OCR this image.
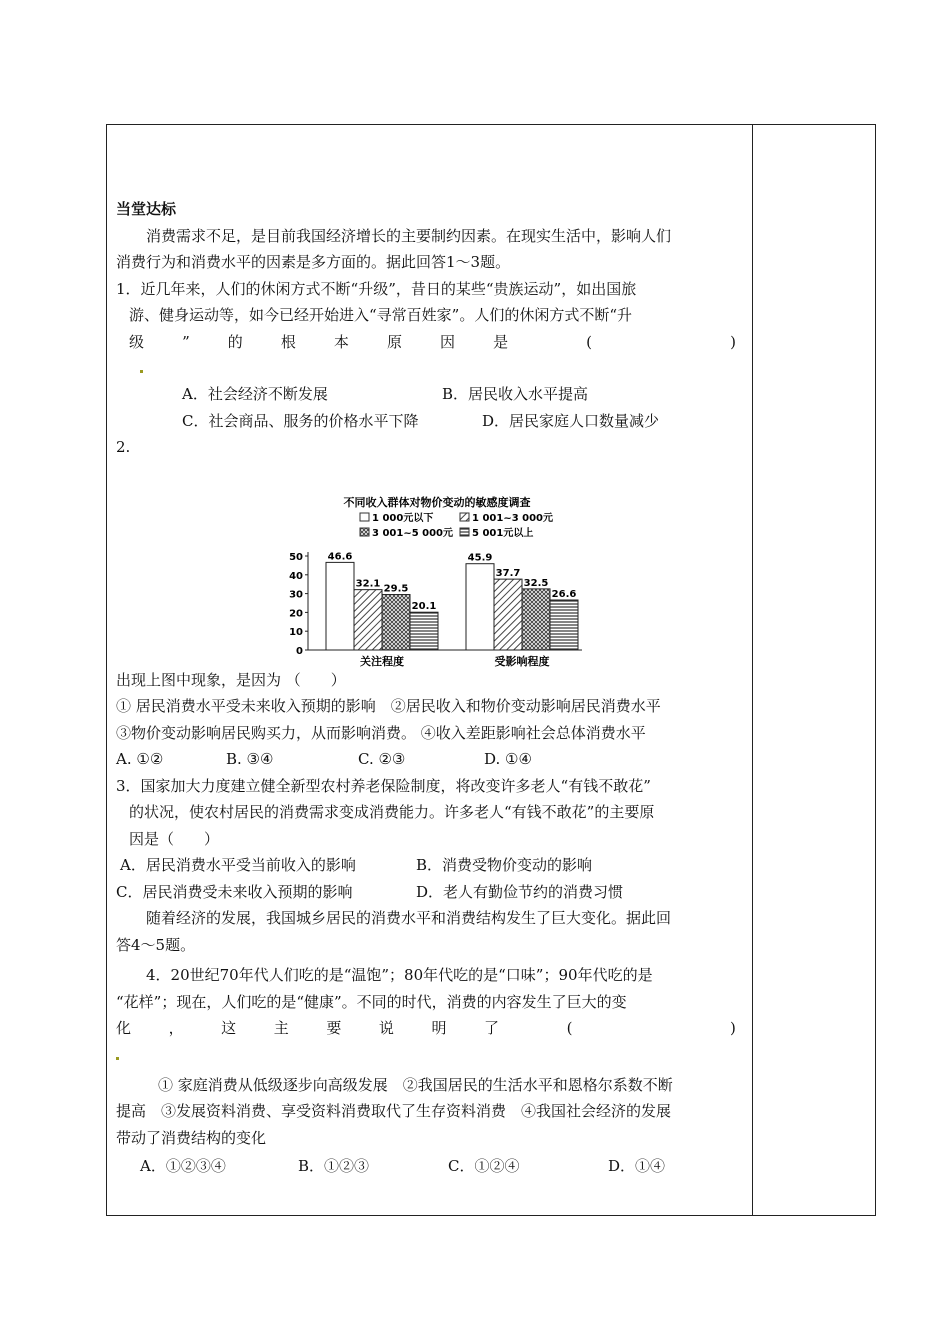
当堂达标
消费需求不足，是目前我国经济增长的主要制约因素。在现实生活中，影响人们
消费行为和消费水平的因素是多方面的。据此回答1～3题。
1．近几年来，人们的休闲方式不断“升级”，昔日的某些“贵族运动”，如出国旅
游、健身运动等，如今已经开始进入“寻常百姓家”。人们的休闲方式不断“升
级	”	的	根	本	原	因	是	(	)
A．社会经济不断发展	B．居民收入水平提高
C．社会商品、服务的价格水平下降	D．居民家庭人口数量减少
2.
出现上图中现象，是因为 （　　）
① 居民消费水平受未来收入预期的影响　②居民收入和物价变动影响居民消费水平
③物价变动影响居民购买力，从而影响消费。 ④收入差距影响社会总体消费水平
A. ①②	B. ③④	C. ②③	D. ①④
3．国家加大力度建立健全新型农村养老保险制度，将改变许多老人“有钱不敢花”
的状况，使农村居民的消费需求变成消费能力。许多老人“有钱不敢花”的主要原
因是（　　）
A．居民消费水平受当前收入的影响	B．消费受物价变动的影响
C．居民消费受未来收入预期的影响	D．老人有勤俭节约的消费习惯
随着经济的发展，我国城乡居民的消费水平和消费结构发生了巨大变化。据此回
答4～5题。
4．20世纪70年代人们吃的是“温饱”；80年代吃的是“口味”；90年代吃的是
“花样”；现在，人们吃的是“健康”。不同的时代，消费的内容发生了巨大的变
化	，	这	主	要	说	明	了	(	)
① 家庭消费从低级逐步向高级发展　②我国居民的生活水平和恩格尔系数不断
提高　③发展资料消费、享受资料消费取代了生存资料消费　④我国社会经济的发展
带动了消费结构的变化
A．①②③④	B．①②③	C．①②④	D．①④
不同收入群体对物价变动的敏感度调查
1 000元以下	1 001~3 000元
3 001~5 000元 5 001元以上
0
10
20
30
40
50 46.6
32.1 29.5
20.1
关注程度
45.9
37.7
32.5
26.6
受影响程度
